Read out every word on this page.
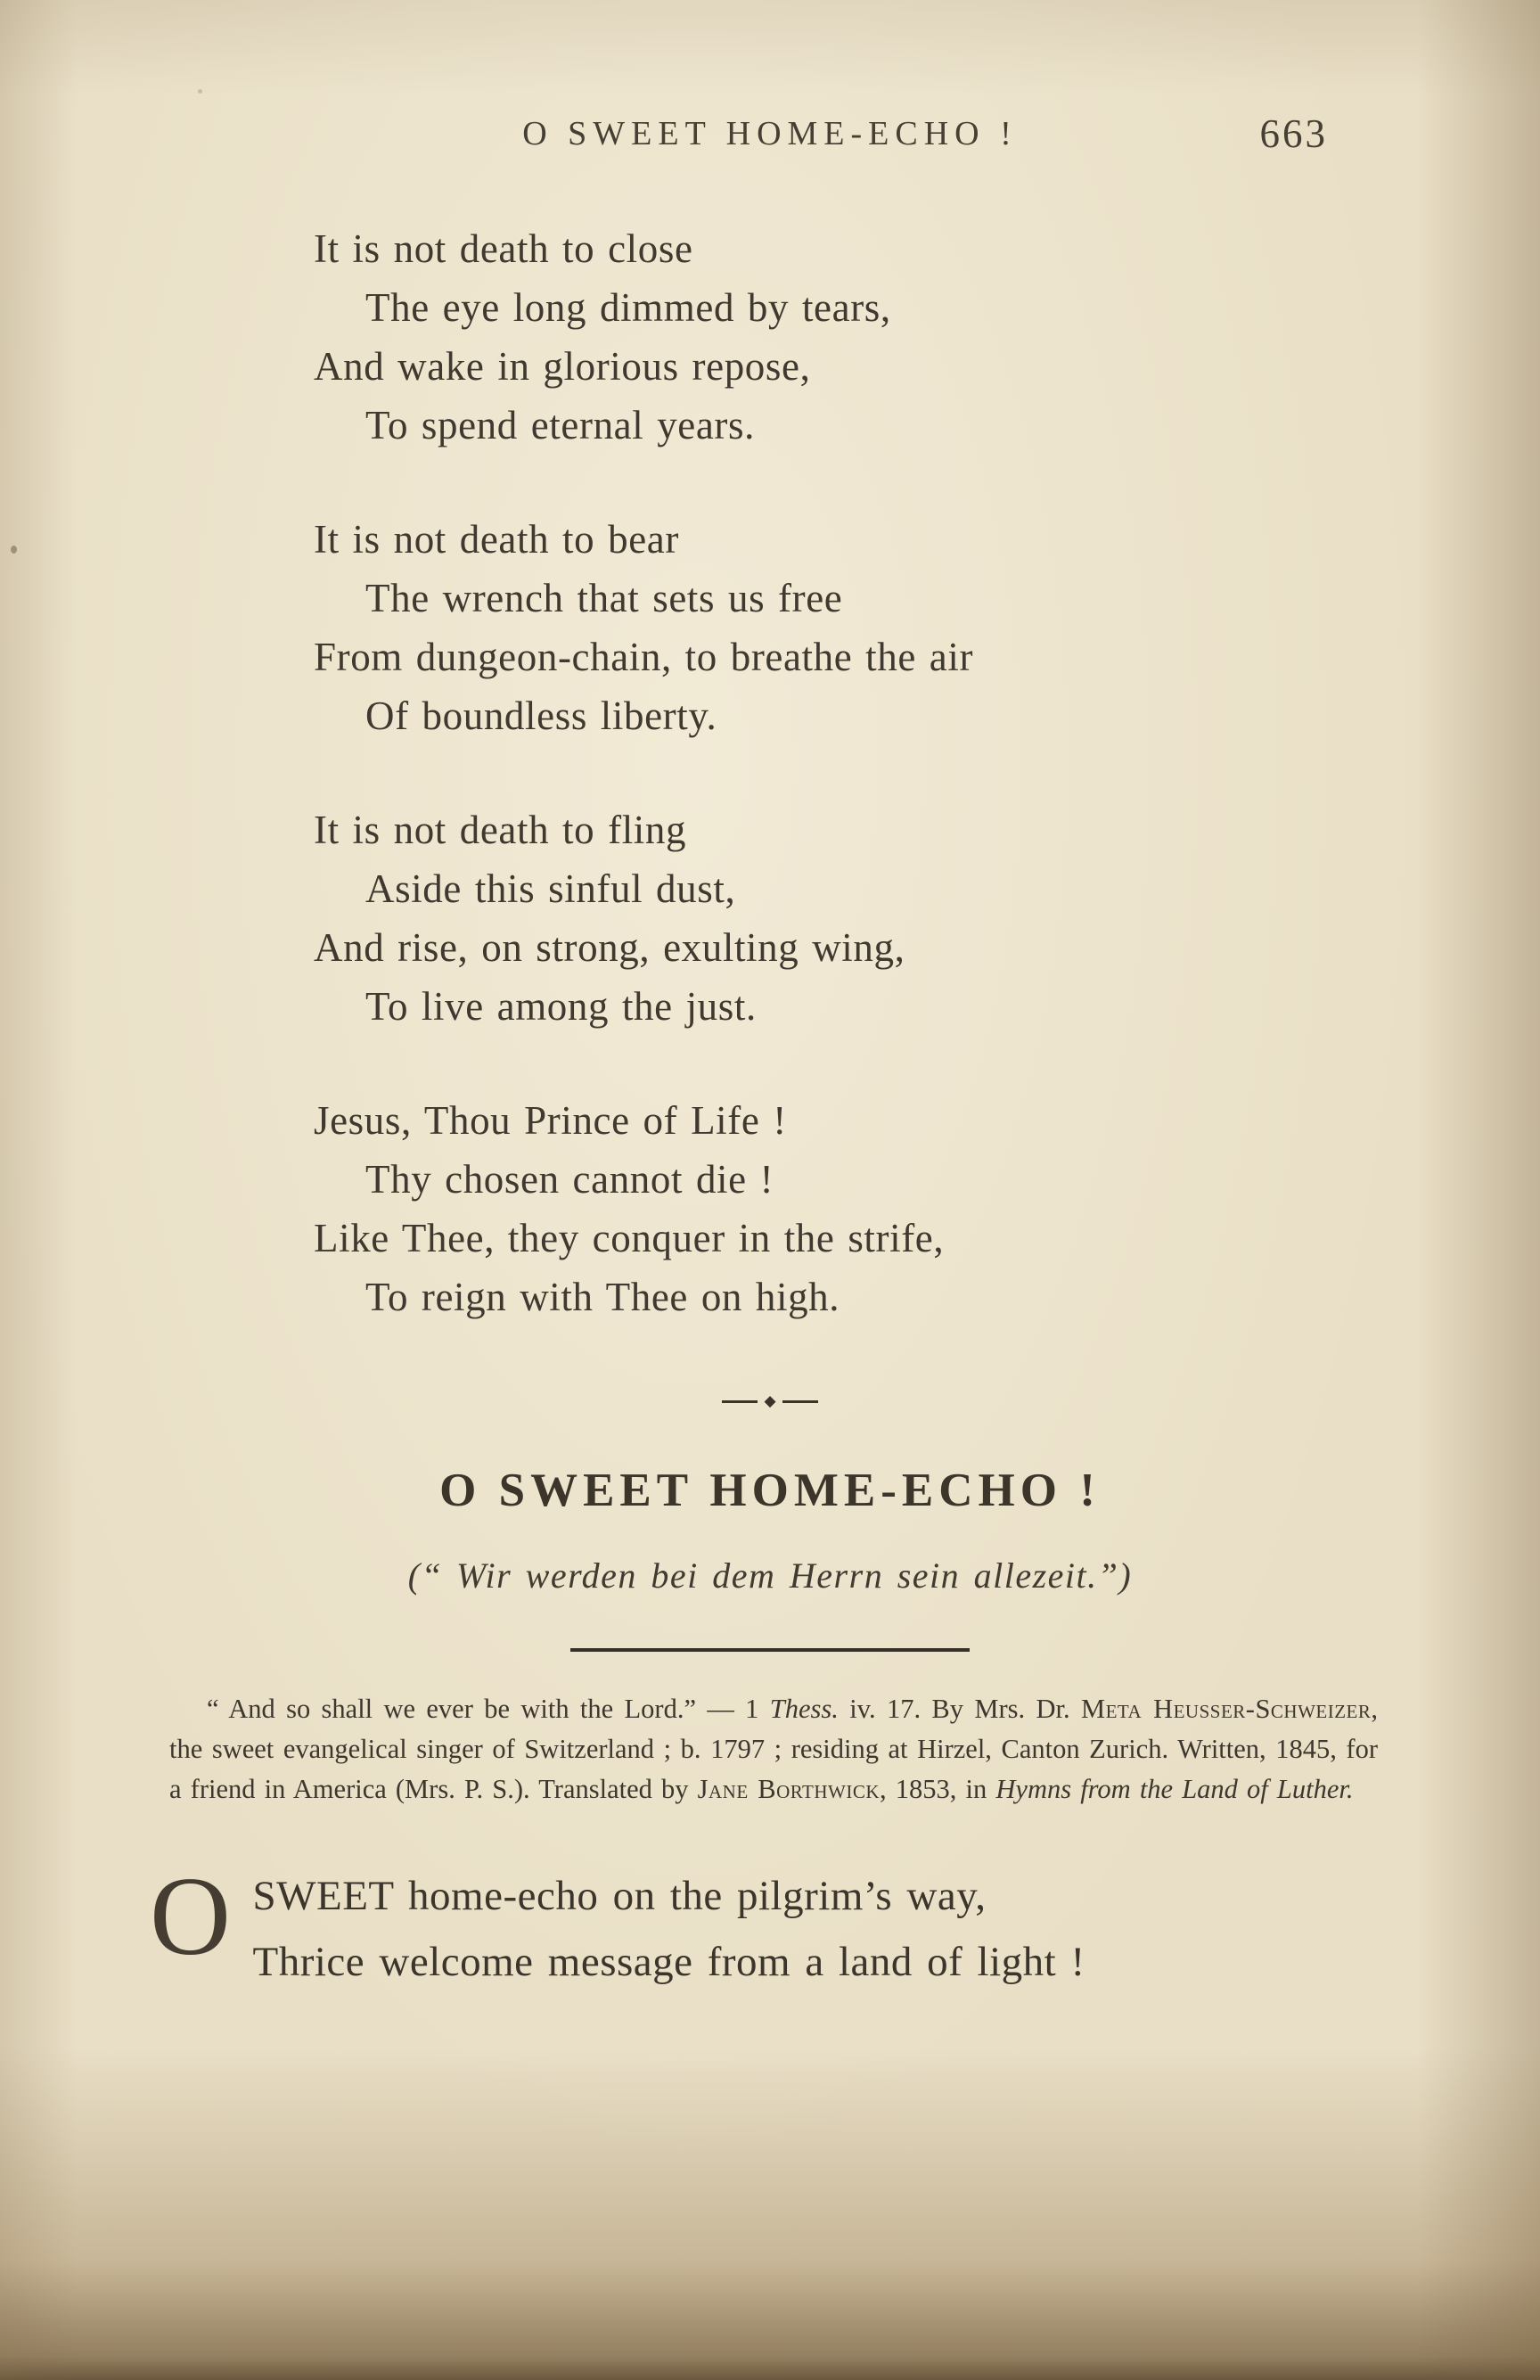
O SWEET HOME-ECHO !	663

It is not death to close

The eye long dimmed by tears,

And wake in glorious repose,

To spend eternal years.

It is not death to bear

The wrench that sets us free

From dungeon-chain, to breathe the air

Of boundless liberty.

It is not death to fling

Aside this sinful dust,

And rise, on strong, exulting wing,

To live among the just.

Jesus, Thou Prince of Life !

Thy chosen cannot die !

Like Thee, they conquer in the strife,

To reign with Thee on high.

◆
O SWEET HOME-ECHO !

(“ Wir werden bei dem Herrn sein allezeit.”)

“ And so shall we ever be with the Lord.” — 1 Thess. iv. 17. By Mrs. Dr. Meta Heusser-Schweizer, the sweet evangelical singer of Switzerland ; b. 1797 ; residing at Hirzel, Canton Zurich. Written, 1845, for a friend in America (Mrs. P. S.). Translated by Jane Borthwick, 1853, in Hymns from the Land of Luther.

OSWEET home-echo on the pilgrim’s way,
Thrice welcome message from a land of light !
